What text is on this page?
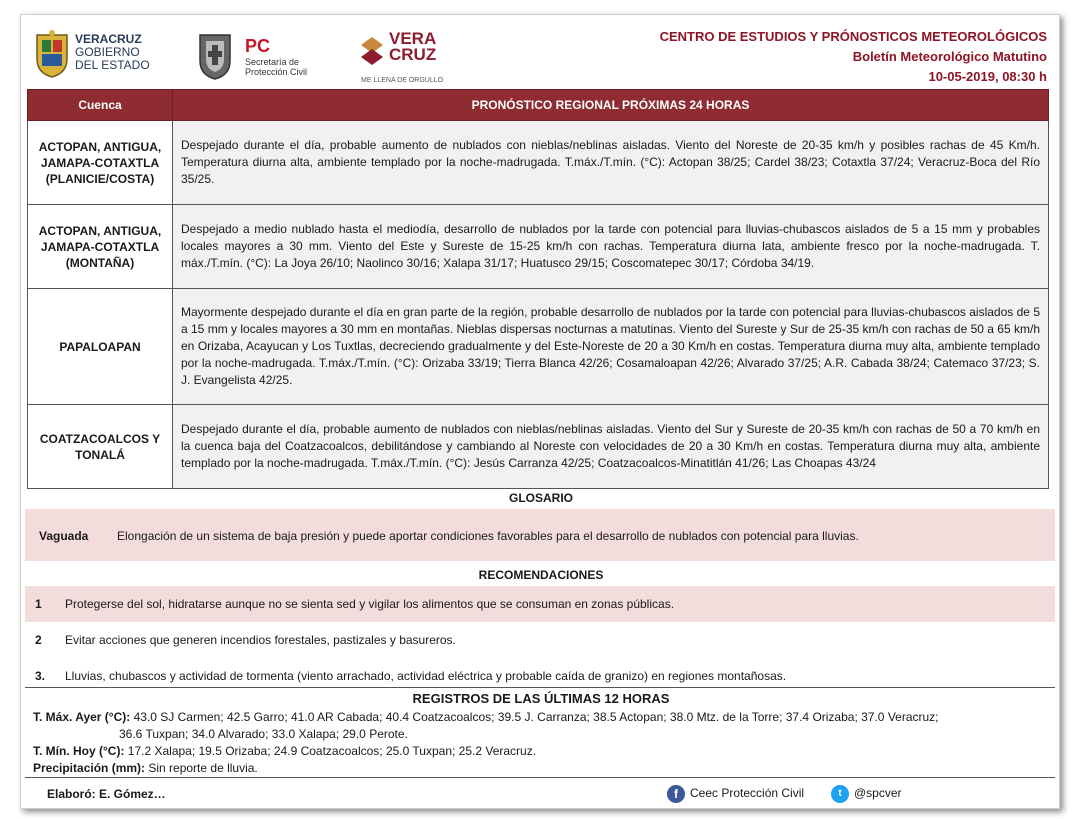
VERACRUZ
GOBIERNO
DEL ESTADO
PC
Secretaría de
Protección Civil
VERA
CRUZ
ME LLENA DE ORGULLO
CENTRO DE ESTUDIOS Y PRÓNOSTICOS METEOROLÓGICOS
Boletín Meteorológico Matutino
10-05-2019, 08:30 h
Cuenca	PRONÓSTICO REGIONAL PRÓXIMAS 24 HORAS
ACTOPAN, ANTIGUA, JAMAPA-COTAXTLA (PLANICIE/COSTA)	Despejado durante el día, probable aumento de nublados con nieblas/neblinas aisladas. Viento del Noreste de 20-35 km/h y posibles rachas de 45 Km/h. Temperatura diurna alta, ambiente templado por la noche-madrugada. T.máx./T.mín. (°C): Actopan 38/25; Cardel 38/23; Cotaxtla 37/24; Veracruz-Boca del Río 35/25.
ACTOPAN, ANTIGUA, JAMAPA-COTAXTLA (MONTAÑA)	Despejado a medio nublado hasta el mediodía, desarrollo de nublados por la tarde con potencial para lluvias-chubascos aislados de 5 a 15 mm y probables locales mayores a 30 mm. Viento del Este y Sureste de 15-25 km/h con rachas. Temperatura diurna lata, ambiente fresco por la noche-madrugada. T. máx./T.mín. (°C): La Joya 26/10; Naolinco 30/16; Xalapa 31/17; Huatusco 29/15; Coscomatepec 30/17; Córdoba 34/19.
PAPALOAPAN	Mayormente despejado durante el día en gran parte de la región, probable desarrollo de nublados por la tarde con potencial para lluvias-chubascos aislados de 5 a 15 mm y locales mayores a 30 mm en montañas. Nieblas dispersas nocturnas a matutinas. Viento del Sureste y Sur de 25-35 km/h con rachas de 50 a 65 km/h en Orizaba, Acayucan y Los Tuxtlas, decreciendo gradualmente y del Este-Noreste de 20 a 30 Km/h en costas. Temperatura diurna muy alta, ambiente templado por la noche-madrugada. T.máx./T.mín. (°C): Orizaba 33/19; Tierra Blanca 42/26; Cosamaloapan 42/26; Alvarado 37/25; A.R. Cabada 38/24; Catemaco 37/23; S. J. Evangelista 42/25.
COATZACOALCOS Y TONALÁ	Despejado durante el día, probable aumento de nublados con nieblas/neblinas aisladas. Viento del Sur y Sureste de 20-35 km/h con rachas de 50 a 70 km/h en la cuenca baja del Coatzacoalcos, debilitándose y cambiando al Noreste con velocidades de 20 a 30 Km/h en costas. Temperatura diurna muy alta, ambiente templado por la noche-madrugada. T.máx./T.mín. (°C): Jesús Carranza 42/25; Coatzacoalcos-Minatitlán 41/26; Las Choapas 43/24
GLOSARIO
Vaguada Elongación de un sistema de baja presión y puede aportar condiciones favorables para el desarrollo de nublados con potencial para lluvias.
RECOMENDACIONES
1 Protegerse del sol, hidratarse aunque no se sienta sed y vigilar los alimentos que se consuman en zonas públicas.
2 Evitar acciones que generen incendios forestales, pastizales y basureros.
3. Lluvias, chubascos y actividad de tormenta (viento arrachado, actividad eléctrica y probable caída de granizo) en regiones montañosas.
REGISTROS DE LAS ÚLTIMAS 12 HORAS
T. Máx. Ayer (°C): 43.0 SJ Carmen; 42.5 Garro; 41.0 AR Cabada; 40.4 Coatzacoalcos; 39.5 J. Carranza; 38.5 Actopan; 38.0 Mtz. de la Torre; 37.4 Orizaba; 37.0 Veracruz;
36.6 Tuxpan; 34.0 Alvarado; 33.0 Xalapa; 29.0 Perote.
T. Mín. Hoy (°C): 17.2 Xalapa; 19.5 Orizaba; 24.9 Coatzacoalcos; 25.0 Tuxpan; 25.2 Veracruz.
Precipitación (mm): Sin reporte de lluvia.
Elaboró: E. Gómez…	f Ceec Protección Civil	t @spcver
